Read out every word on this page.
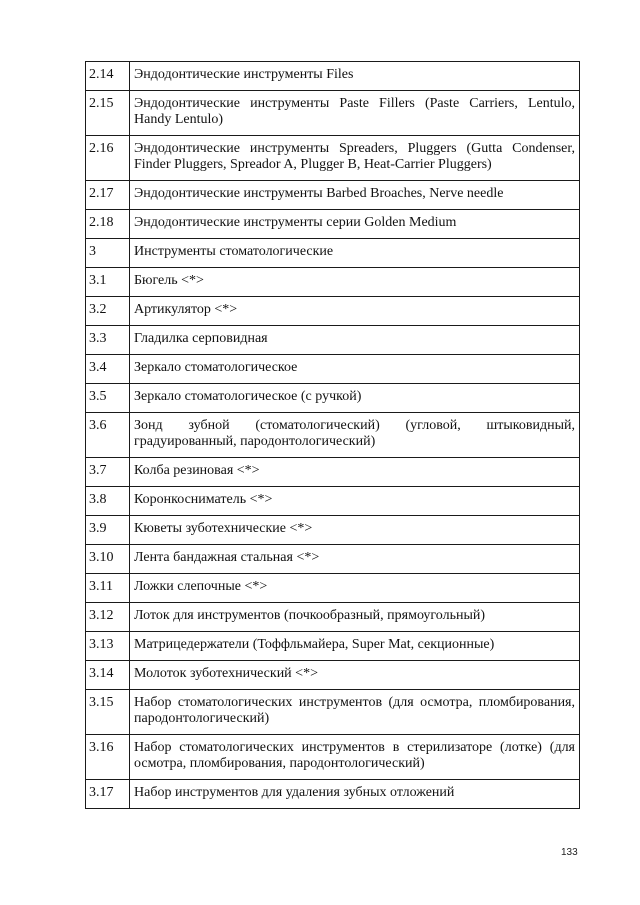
2.14	Эндодонтические инструменты Files
2.15	Эндодонтические инструменты Paste Fillers (Paste Carriers, Lentulo, Handy Lentulo)
2.16	Эндодонтические инструменты Spreaders, Pluggers (Gutta Condenser, Finder Pluggers, Spreador A, Plugger B, Heat-Carrier Pluggers)
2.17	Эндодонтические инструменты Barbed Broaches, Nerve needle
2.18	Эндодонтические инструменты серии Golden Medium
3	Инструменты стоматологические
3.1	Бюгель <*>
3.2	Артикулятор <*>
3.3	Гладилка серповидная
3.4	Зеркало стоматологическое
3.5	Зеркало стоматологическое (с ручкой)
3.6	Зонд зубной (стоматологический) (угловой, штыковидный, градуированный, пародонтологический)
3.7	Колба резиновая <*>
3.8	Коронкосниматель <*>
3.9	Кюветы зуботехнические <*>
3.10	Лента бандажная стальная <*>
3.11	Ложки слепочные <*>
3.12	Лоток для инструментов (почкообразный, прямоугольный)
3.13	Матрицедержатели (Тоффльмайера, Super Mat, секционные)
3.14	Молоток зуботехнический <*>
3.15	Набор стоматологических инструментов (для осмотра, пломбирования, пародонтологический)
3.16	Набор стоматологических инструментов в стерилизаторе (лотке) (для осмотра, пломбирования, пародонтологический)
3.17	Набор инструментов для удаления зубных отложений
133
